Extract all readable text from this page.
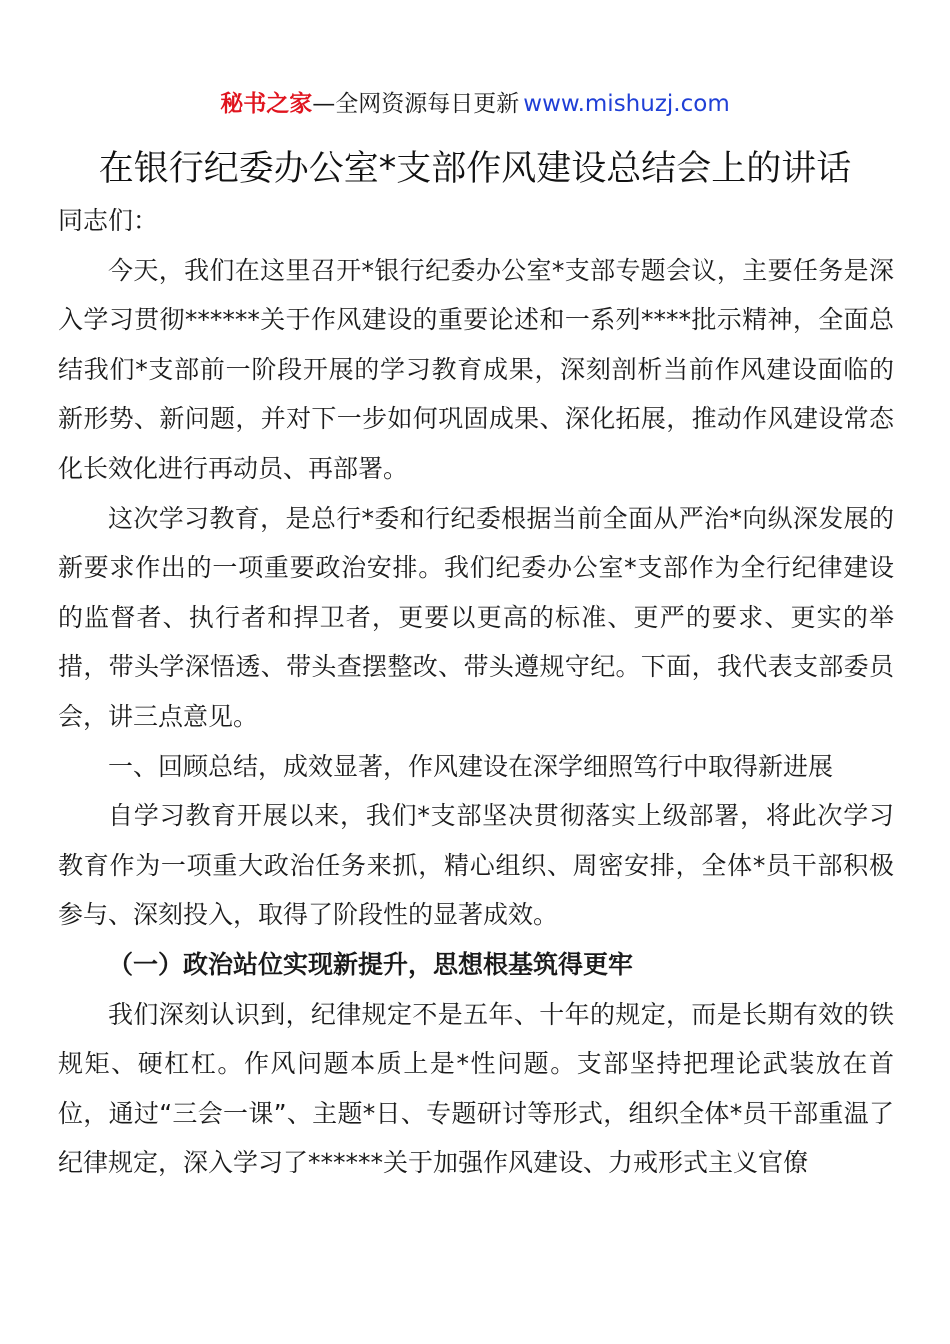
秘书之家—全网资源每日更新 www.mishuzj.com
在银行纪委办公室*支部作风建设总结会上的讲话

同志们：

今天，我们在这里召开*银行纪委办公室*支部专题会议，主要任务是深入学习贯彻******关于作风建设的重要论述和一系列****批示精神，全面总结我们*支部前一阶段开展的学习教育成果，深刻剖析当前作风建设面临的新形势、新问题，并对下一步如何巩固成果、深化拓展，推动作风建设常态化长效化进行再动员、再部署。

这次学习教育，是总行*委和行纪委根据当前全面从严治*向纵深发展的新要求作出的一项重要政治安排。我们纪委办公室*支部作为全行纪律建设的监督者、执行者和捍卫者，更要以更高的标准、更严的要求、更实的举措，带头学深悟透、带头查摆整改、带头遵规守纪。下面，我代表支部委员会，讲三点意见。

一、回顾总结，成效显著，作风建设在深学细照笃行中取得新进展

自学习教育开展以来，我们*支部坚决贯彻落实上级部署，将此次学习教育作为一项重大政治任务来抓，精心组织、周密安排，全体*员干部积极参与、深刻投入，取得了阶段性的显著成效。

（一）政治站位实现新提升，思想根基筑得更牢

我们深刻认识到，纪律规定不是五年、十年的规定，而是长期有效的铁规矩、硬杠杠。作风问题本质上是*性问题。支部坚持把理论武装放在首位，通过“三会一课”、主题*日、专题研讨等形式，组织全体*员干部重温了纪律规定，深入学习了******关于加强作风建设、力戒形式主义官僚
